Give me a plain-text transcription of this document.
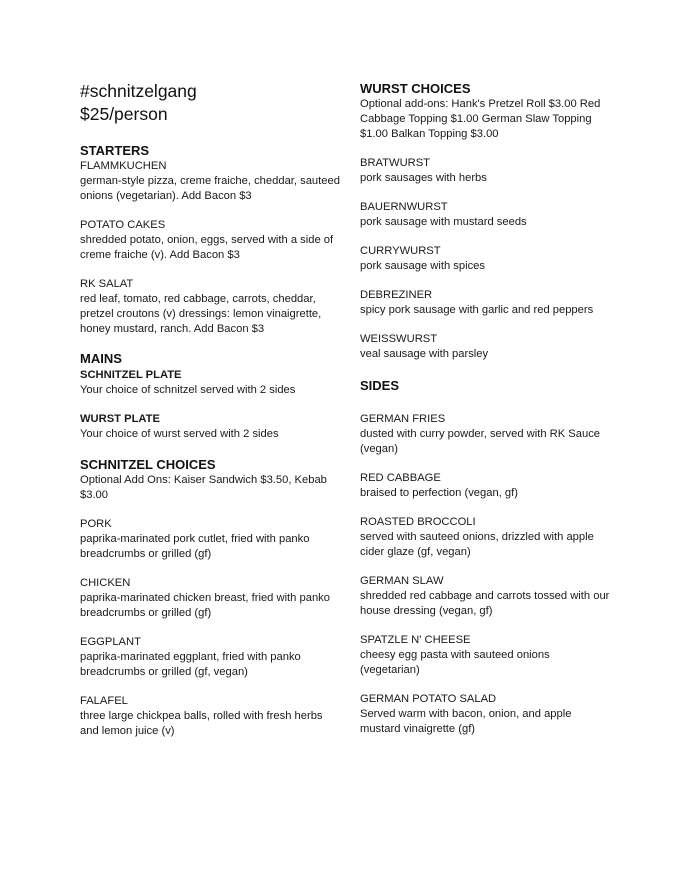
#schnitzelgang
$25/person
STARTERS
FLAMMKUCHEN
german-style pizza, creme fraiche, cheddar, sauteed onions (vegetarian). Add Bacon $3
POTATO CAKES
shredded potato, onion, eggs, served with a side of creme fraiche (v). Add Bacon $3
RK SALAT
red leaf, tomato, red cabbage, carrots, cheddar, pretzel croutons (v) dressings: lemon vinaigrette, honey mustard, ranch. Add Bacon $3
MAINS
SCHNITZEL PLATE
Your choice of schnitzel served with 2 sides
WURST PLATE
Your choice of wurst served with 2 sides
SCHNITZEL CHOICES
Optional Add Ons: Kaiser Sandwich $3.50, Kebab $3.00
PORK
paprika-marinated pork cutlet, fried with panko breadcrumbs or grilled (gf)
CHICKEN
paprika-marinated chicken breast, fried with panko breadcrumbs or grilled (gf)
EGGPLANT
paprika-marinated eggplant, fried with panko breadcrumbs or grilled (gf, vegan)
FALAFEL
three large chickpea balls, rolled with fresh herbs and lemon juice (v)
WURST CHOICES
Optional add-ons: Hank's Pretzel Roll $3.00 Red Cabbage Topping $1.00 German Slaw Topping $1.00 Balkan Topping $3.00
BRATWURST
pork sausages with herbs
BAUERNWURST
pork sausage with mustard seeds
CURRYWURST
pork sausage with spices
DEBREZINER
spicy pork sausage with garlic and red peppers
WEISSWURST
veal sausage with parsley
SIDES
GERMAN FRIES
dusted with curry powder, served with RK Sauce (vegan)
RED CABBAGE
braised to perfection (vegan, gf)
ROASTED BROCCOLI
served with sauteed onions, drizzled with apple cider glaze (gf, vegan)
GERMAN SLAW
shredded red cabbage and carrots tossed with our house dressing (vegan, gf)
SPATZLE N' CHEESE
cheesy egg pasta with sauteed onions (vegetarian)
GERMAN POTATO SALAD
Served warm with bacon, onion, and apple mustard vinaigrette (gf)
